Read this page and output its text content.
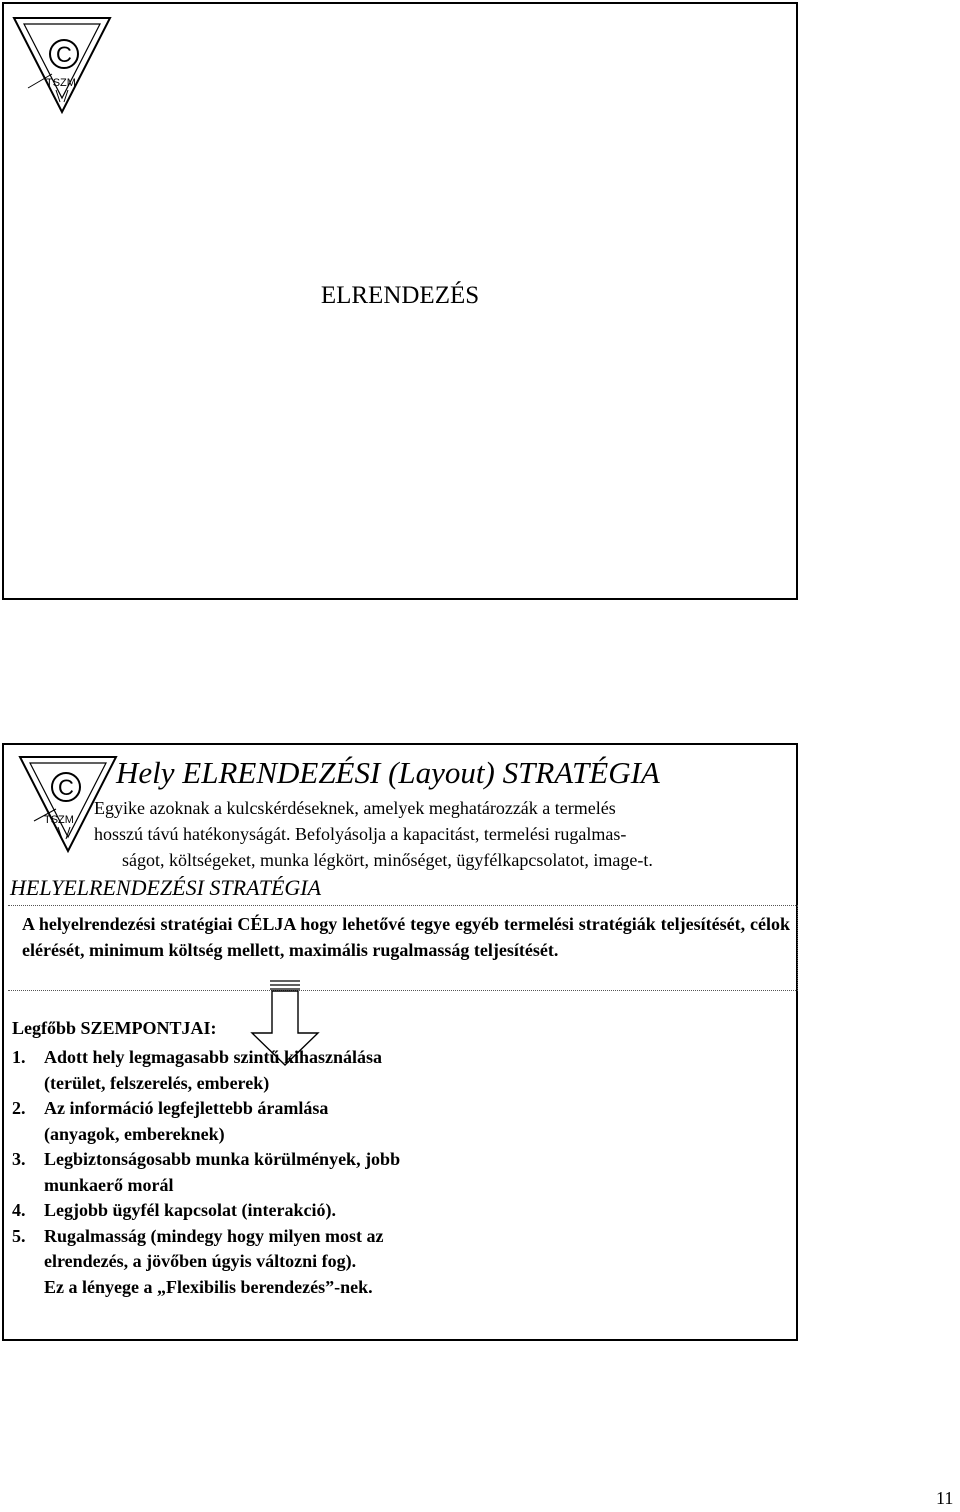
C
TSZM
ELRENDEZÉS
C
TSZM
Hely ELRENDEZÉSI (Layout) STRATÉGIA

Egyike azoknak a kulcskérdéseknek, amelyek meghatározzák a termelés

hosszú távú hatékonyságát. Befolyásolja a kapacitást, termelési rugalmas-

ságot, költségeket, munka légkört, minőséget, ügyfélkapcsolatot, image-t.

HELYELRENDEZÉSI STRATÉGIA
A helyelrendezési stratégiai CÉLJA hogy lehetővé tegye egyéb termelési stratégiák teljesítését, célok elérését, minimum költség mellett, maximális rugalmasság teljesítését.
Legfőbb SZEMPONTJAI:
1. Adott hely legmagasabb szintű kihasználása
(terület, felszerelés, emberek)
2. Az információ legfejlettebb áramlása
(anyagok, embereknek)
3. Legbiztonságosabb munka körülmények, jobb
munkaerő morál
4. Legjobb ügyfél kapcsolat (interakció).
5. Rugalmasság (mindegy hogy milyen most az
elrendezés, a jövőben úgyis változni fog).
Ez a lényege a „Flexibilis berendezés”-nek.
11
